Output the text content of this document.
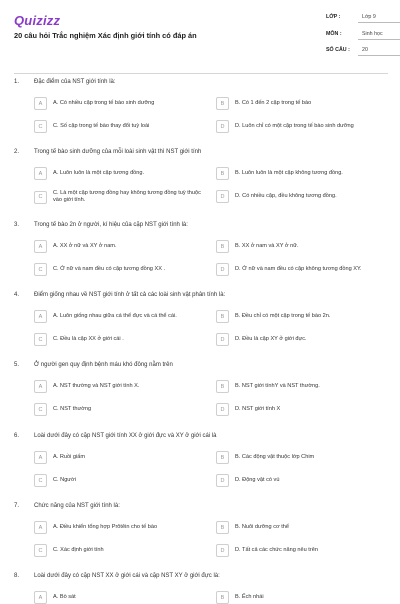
Quizizz
20 câu hỏi Trắc nghiệm Xác định giới tính có đáp án
LỚP :	Lớp 9
MÔN :	Sinh học
SỐ CÂU : 20
1. Đặc điểm của NST giới tính là:
A	A. Có nhiều cặp trong tế bào sinh dưỡng	B	B. Có 1 đến 2 cặp trong tế bào
C	C. Số cặp trong tế bào thay đổi tuỳ loài	D	D. Luôn chỉ có một cặp trong tế bào sinh dưỡng
2. Trong tế bào sinh dưỡng của mỗi loài sinh vật thì NST giới tính
A	A. Luôn luôn là một cặp tương đồng.	B	B. Luôn luôn là một cặp không tương đồng.
C
C. Là một cặp tương đồng hay không tương đồng tuỳ thuộc vào giới tính.
D	D. Có nhiều cặp, đều không tương đồng.
3. Trong tế bào 2n ở người, kí hiệu của cặp NST giới tính là:
A	A. XX ở nữ và XY ở nam.	B	B. XX ở nam và XY ở nữ.
C	C. Ở nữ và nam đều có cặp tương đồng XX .	D	D. Ở nữ và nam đều có cặp không tương đồng XY.
4. Điểm giống nhau về NST giới tính ở tất cả các loài sinh vật phân tính là:
A	A. Luôn giống nhau giữa cá thể đực và cá thể cái.	B	B. Đều chỉ có một cặp trong tế bào 2n.
C	C. Đều là cặp XX ở giới cái .	D	D. Đều là cặp XY ở giới đực.
5. Ở người gen quy định bệnh máu khó đông nằm trên
A	A. NST thường và NST giới tính X.	B	B. NST giới tínhY và NST thường.
C	C. NST thường	D	D. NST giới tính X
6. Loài dưới đây có cặp NST giới tính XX ở giới đực và XY ở giới cái là
A	A. Ruồi giấm	B	B. Các động vật thuộc lớp Chim
C	C. Người	D	D. Động vật có vú
7. Chức năng của NST giới tính là:
A	A. Điều khiển tổng hợp Prôtêin cho tế bào	B	B. Nuôi dưỡng cơ thể
C	C. Xác định giới tính	D	D. Tất cả các chức năng nêu trên
8. Loài dưới đây có cặp NST XX ở giới cái và cặp NST XY ở giới đực là:
A	A. Bò sát	B	B. Ếch nhái
